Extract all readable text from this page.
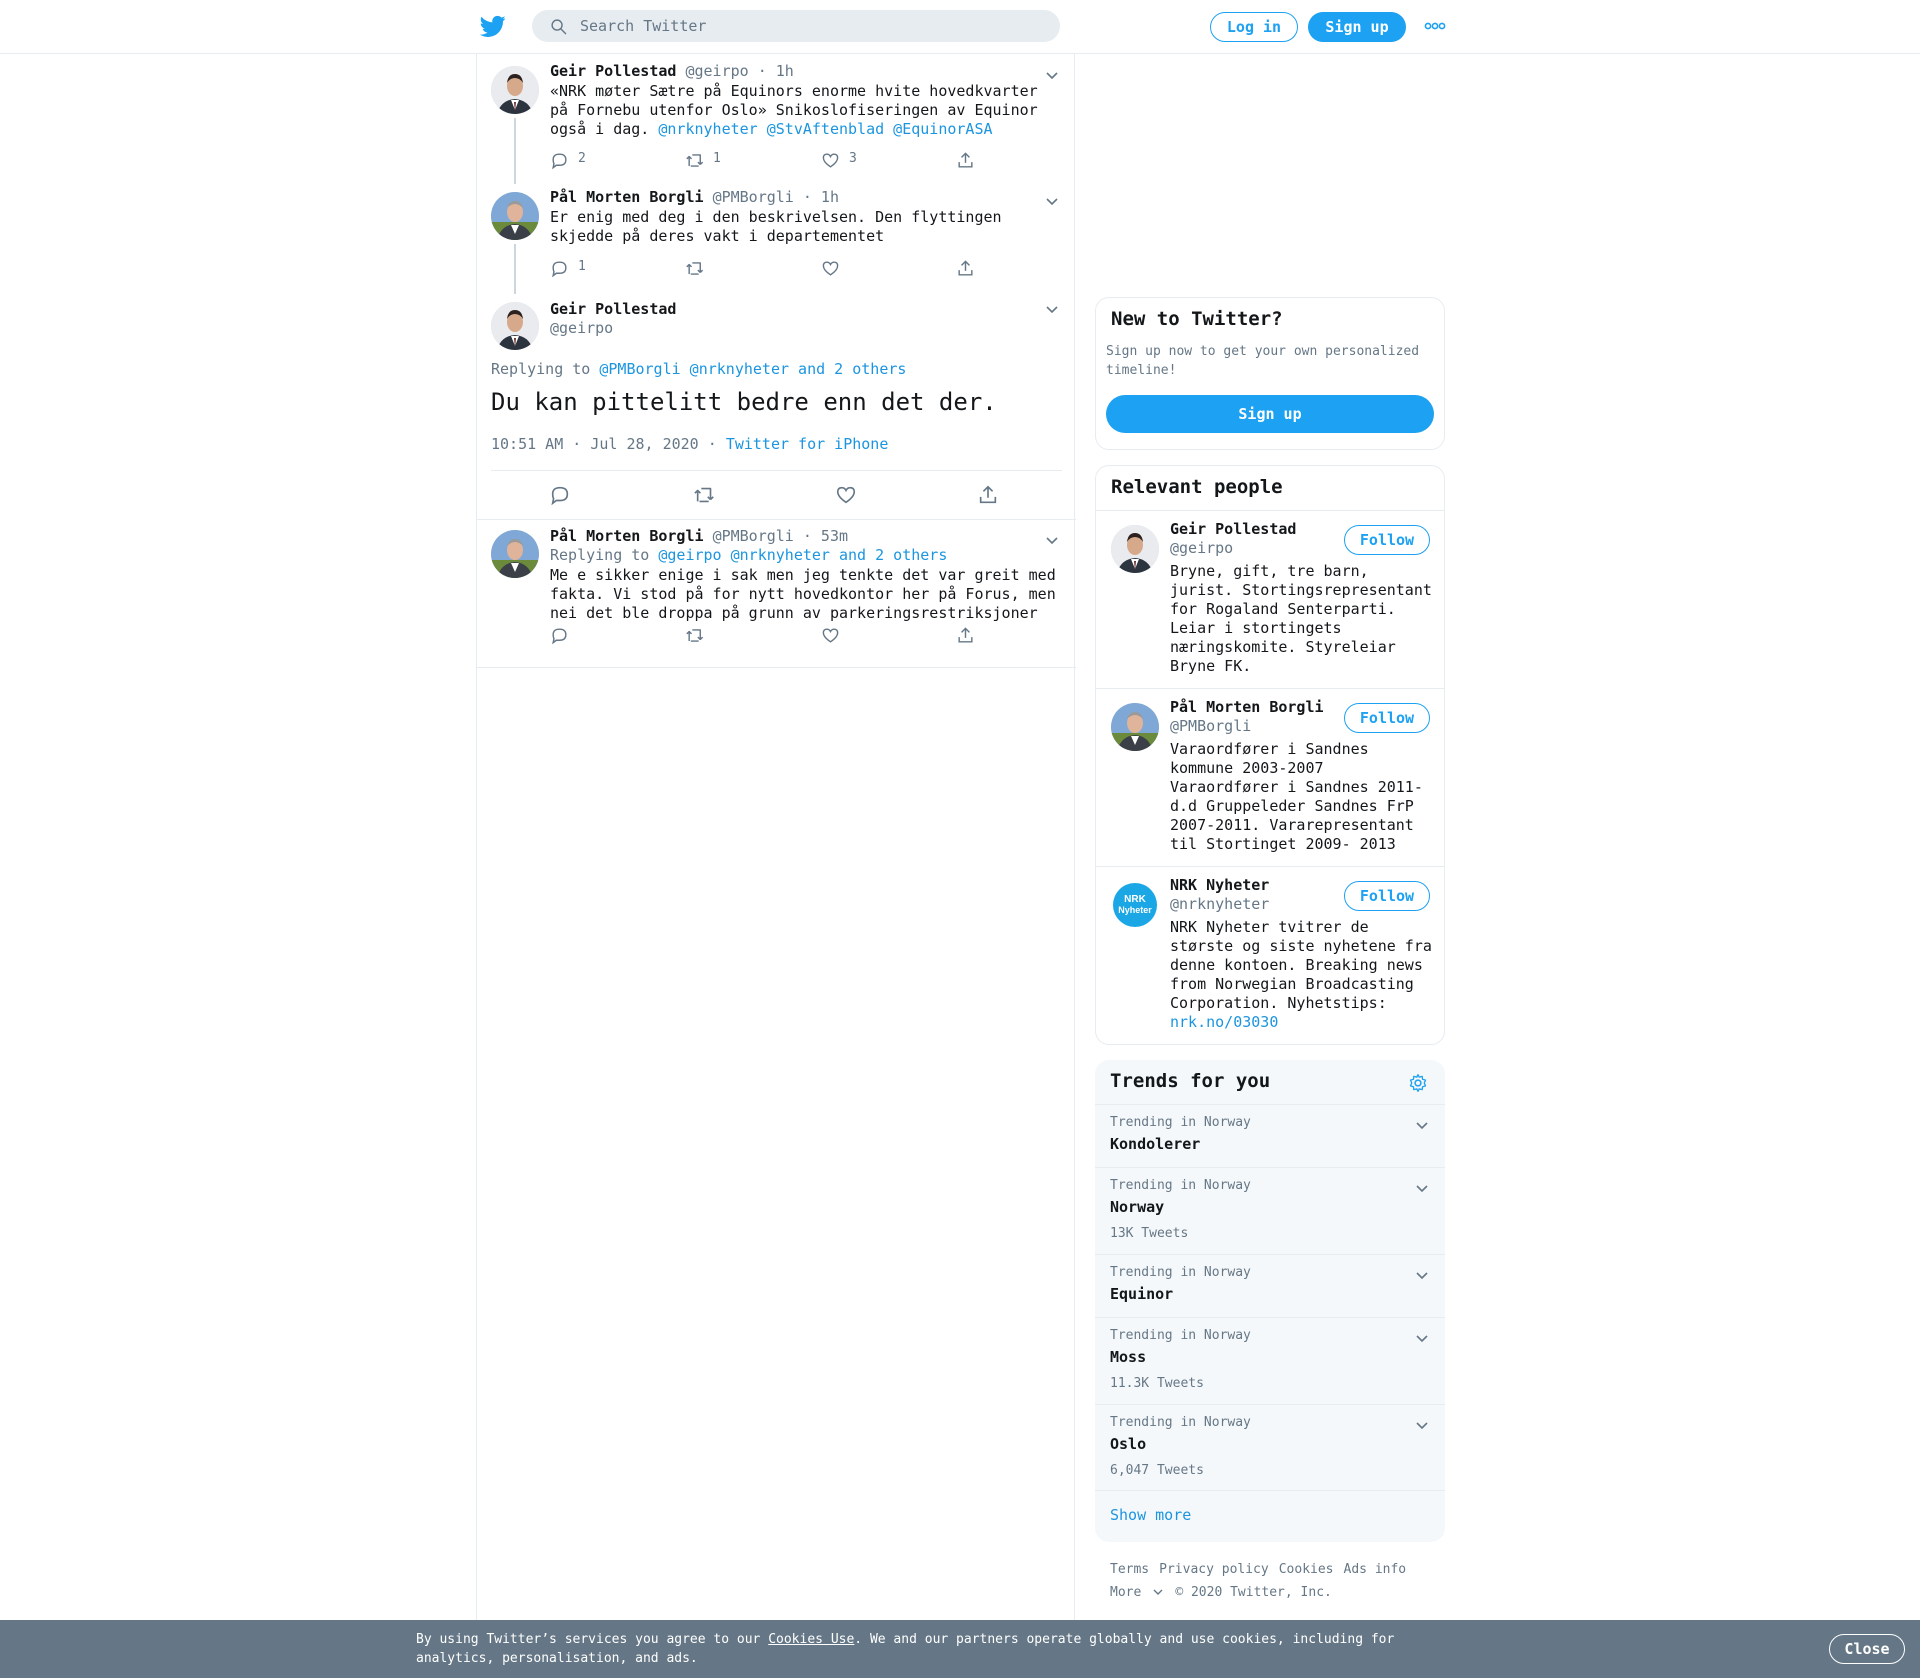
Search Twitter
Log in	Sign up
Geir Pollestad @geirpo · 1h
«NRK møter Sætre på Equinors enorme hvite hovedkvarter på Fornebu utenfor Oslo» Snikoslofiseringen av Equinor også i dag. @nrknyheter @StvAftenblad @EquinorASA
2	1	3
Pål Morten Borgli @PMBorgli · 1h
Er enig med deg i den beskrivelsen. Den flyttingen skjedde på deres vakt i departementet
1
Geir Pollestad
@geirpo
Replying to @PMBorgli @nrknyheter and 2 others
Du kan pittelitt bedre enn det der.
10:51 AM · Jul 28, 2020 · Twitter for iPhone
Pål Morten Borgli @PMBorgli · 53m
Replying to @geirpo @nrknyheter and 2 others
Me e sikker enige i sak men jeg tenkte det var greit med fakta. Vi stod på for nytt hovedkontor her på Forus, men nei det ble droppa på grunn av parkeringsrestriksjoner
New to Twitter?

Sign up now to get your own personalized timeline!

Sign up
Relevant people
Geir Pollestad
@geirpo
Bryne, gift, tre barn, jurist. Stortingsrepresentant for Rogaland Senterparti. Leiar i stortingets næringskomite. Styreleiar Bryne FK.
Follow
Pål Morten Borgli
@PMBorgli
Varaordfører i Sandnes kommune 2003-2007 Varaordfører i Sandnes 2011-d.d Gruppeleder Sandnes FrP 2007-2011. Vararepresentant til Stortinget 2009- 2013
Follow
NRK
Nyheter
NRK Nyheter
@nrknyheter
NRK Nyheter tvitrer de største og siste nyhetene fra denne kontoen. Breaking news from Norwegian Broadcasting Corporation. Nyhetstips: nrk.no/03030
Follow
Trends for you
Trending in Norway
Kondolerer
Trending in Norway
Norway
13K Tweets
Trending in Norway
Equinor
Trending in Norway
Moss
11.3K Tweets
Trending in Norway
Oslo
6,047 Tweets
Show more
Terms Privacy policy Cookies Ads info
More	© 2020 Twitter, Inc.

By using Twitter’s services you agree to our Cookies Use. We and our partners operate globally and use cookies, including for analytics, personalisation, and ads.

Close
